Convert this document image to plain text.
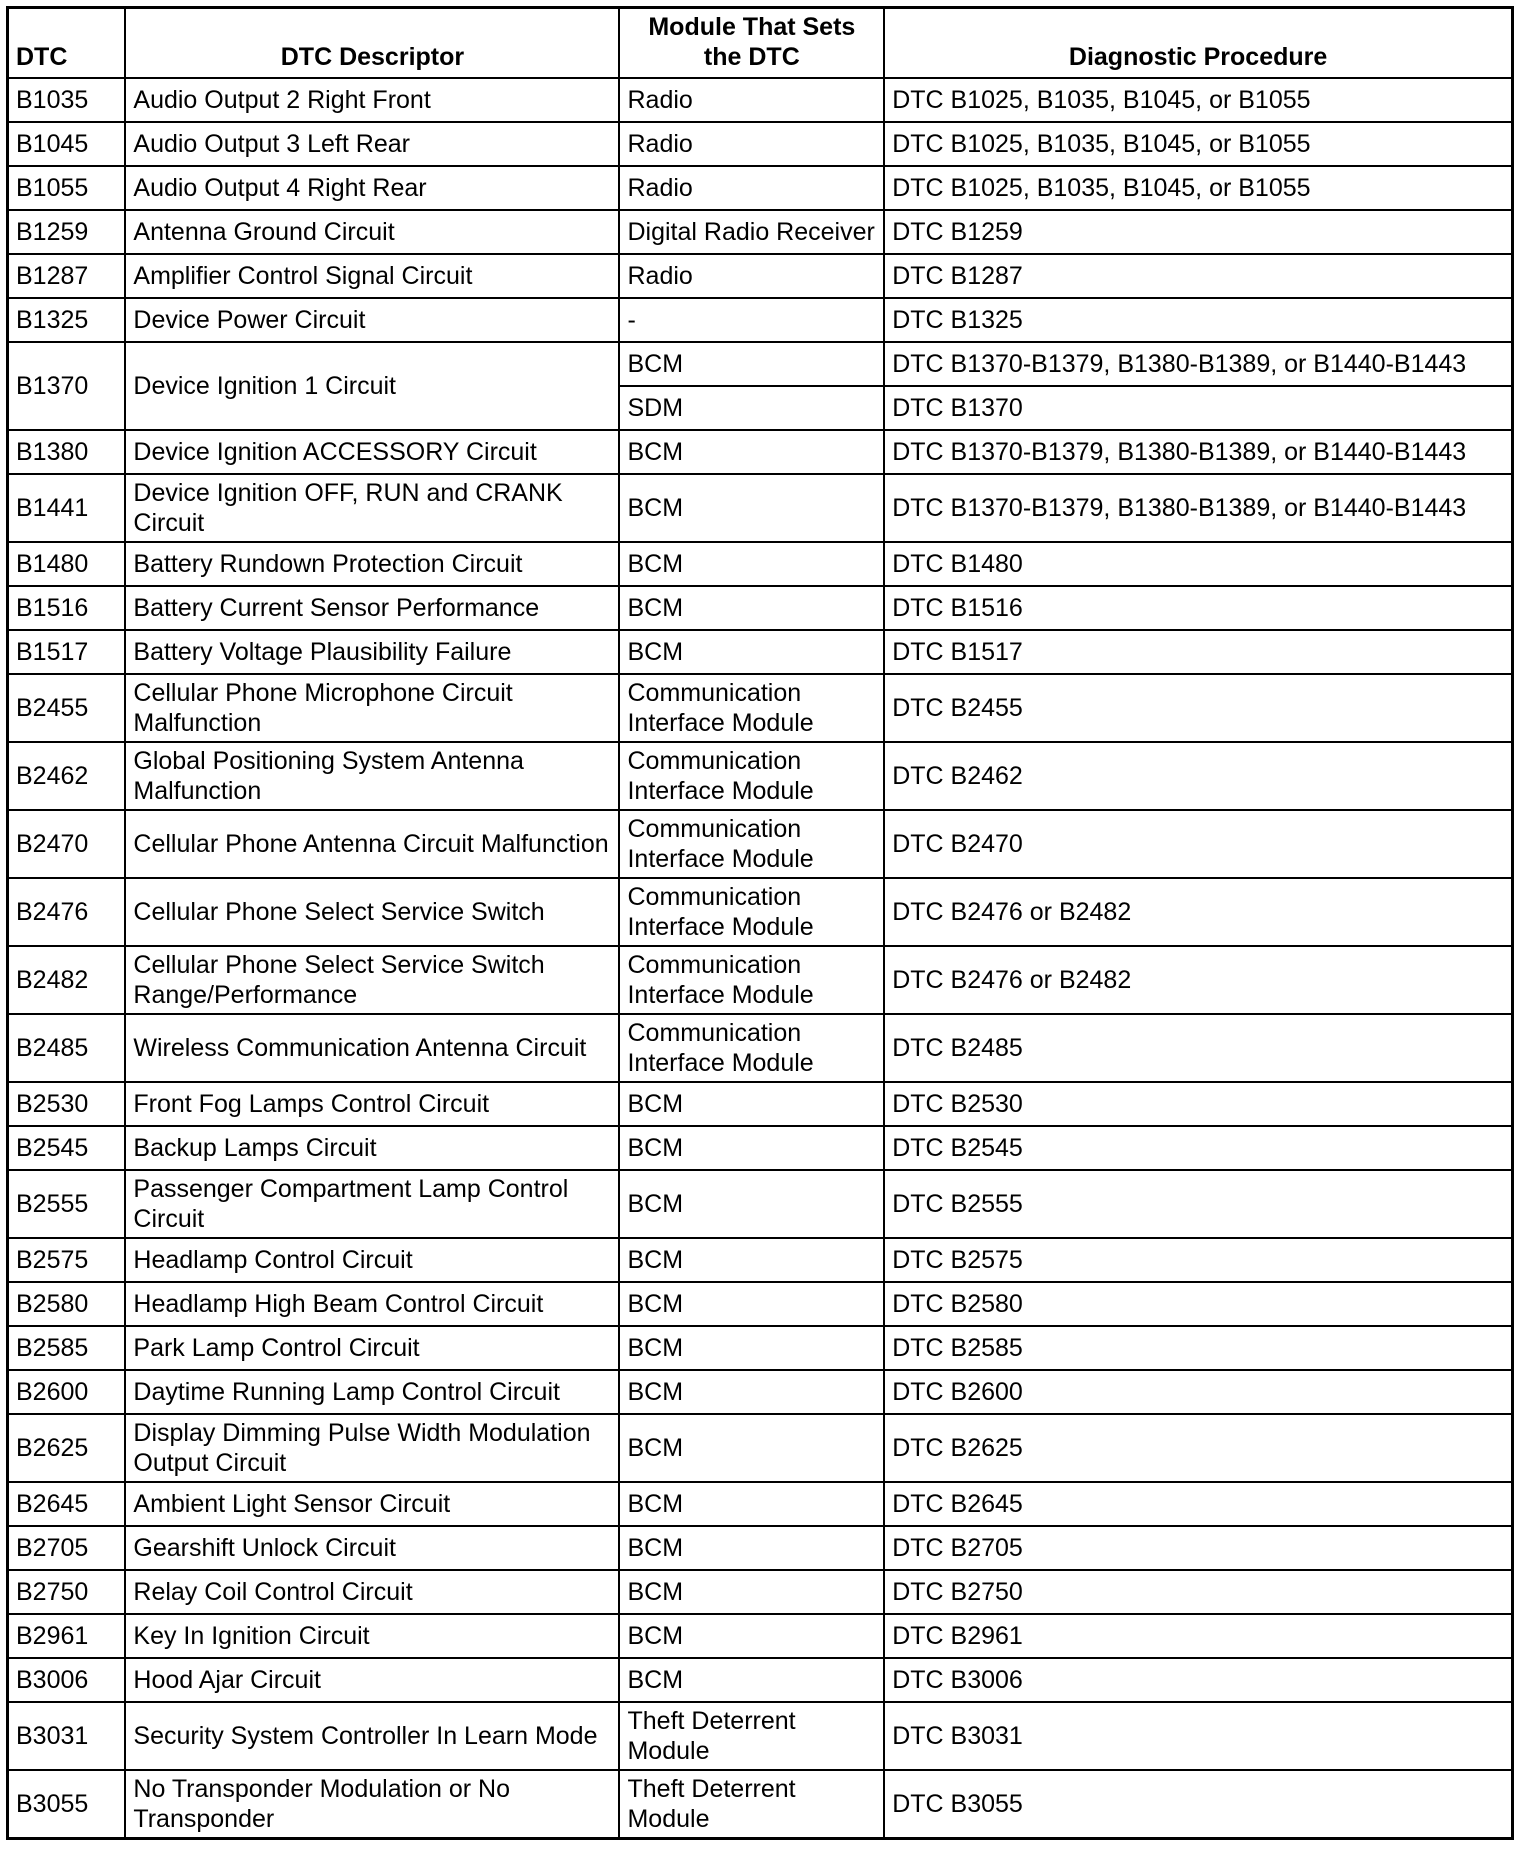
DTC	DTC Descriptor	Module That Sets the DTC	Diagnostic Procedure
B1035	Audio Output 2 Right Front	Radio	DTC B1025, B1035, B1045, or B1055
B1045	Audio Output 3 Left Rear	Radio	DTC B1025, B1035, B1045, or B1055
B1055	Audio Output 4 Right Rear	Radio	DTC B1025, B1035, B1045, or B1055
B1259	Antenna Ground Circuit	Digital Radio Receiver	DTC B1259
B1287	Amplifier Control Signal Circuit	Radio	DTC B1287
B1325	Device Power Circuit	-	DTC B1325
B1370	Device Ignition 1 Circuit	BCM	DTC B1370-B1379, B1380-B1389, or B1440-B1443
		SDM	DTC B1370
B1380	Device Ignition ACCESSORY Circuit	BCM	DTC B1370-B1379, B1380-B1389, or B1440-B1443
B1441	Device Ignition OFF, RUN and CRANK Circuit	BCM	DTC B1370-B1379, B1380-B1389, or B1440-B1443
B1480	Battery Rundown Protection Circuit	BCM	DTC B1480
B1516	Battery Current Sensor Performance	BCM	DTC B1516
B1517	Battery Voltage Plausibility Failure	BCM	DTC B1517
B2455	Cellular Phone Microphone Circuit Malfunction	Communication Interface Module	DTC B2455
B2462	Global Positioning System Antenna Malfunction	Communication Interface Module	DTC B2462
B2470	Cellular Phone Antenna Circuit Malfunction	Communication Interface Module	DTC B2470
B2476	Cellular Phone Select Service Switch	Communication Interface Module	DTC B2476 or B2482
B2482	Cellular Phone Select Service Switch Range/Performance	Communication Interface Module	DTC B2476 or B2482
B2485	Wireless Communication Antenna Circuit	Communication Interface Module	DTC B2485
B2530	Front Fog Lamps Control Circuit	BCM	DTC B2530
B2545	Backup Lamps Circuit	BCM	DTC B2545
B2555	Passenger Compartment Lamp Control Circuit	BCM	DTC B2555
B2575	Headlamp Control Circuit	BCM	DTC B2575
B2580	Headlamp High Beam Control Circuit	BCM	DTC B2580
B2585	Park Lamp Control Circuit	BCM	DTC B2585
B2600	Daytime Running Lamp Control Circuit	BCM	DTC B2600
B2625	Display Dimming Pulse Width Modulation Output Circuit	BCM	DTC B2625
B2645	Ambient Light Sensor Circuit	BCM	DTC B2645
B2705	Gearshift Unlock Circuit	BCM	DTC B2705
B2750	Relay Coil Control Circuit	BCM	DTC B2750
B2961	Key In Ignition Circuit	BCM	DTC B2961
B3006	Hood Ajar Circuit	BCM	DTC B3006
B3031	Security System Controller In Learn Mode	Theft Deterrent Module	DTC B3031
B3055	No Transponder Modulation or No Transponder	Theft Deterrent Module	DTC B3055
